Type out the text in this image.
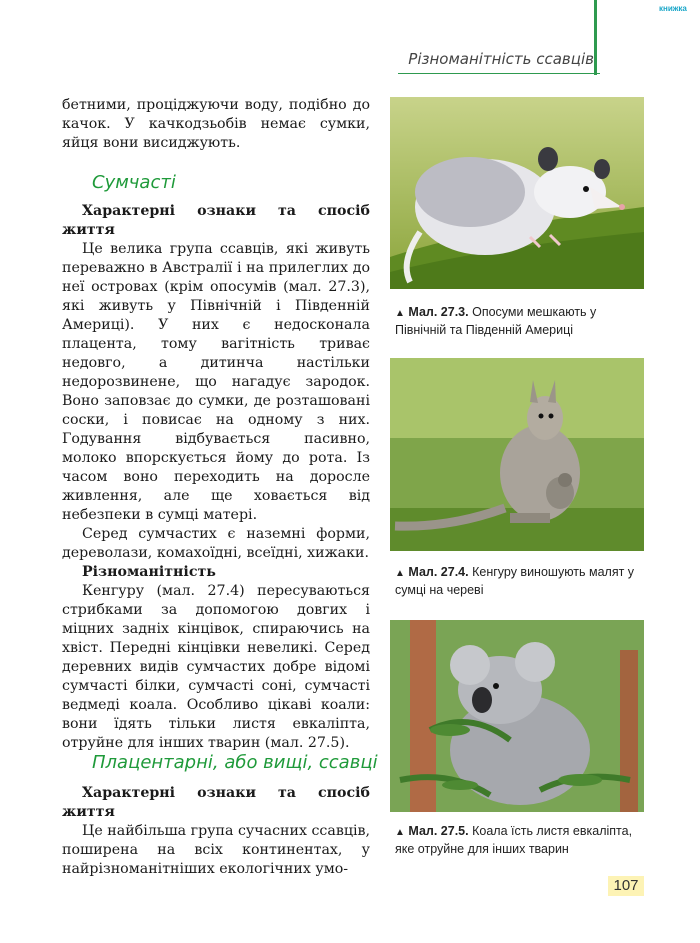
книжка
Різноманітність ссавців

бетними, проціджуючи воду, подібно до качок. У качкодзьобів немає сумки, яйця вони висиджують.

Сумчасті

Характерні ознаки та спосіб життя

Це велика група ссавців, які живуть переважно в Австралії і на прилеглих до неї островах (крім опосумів (мал. 27.3), які живуть у Північній і Південній Америці). У них є недосконала плацента, тому вагітність триває недовго, а дитинча настільки недорозвинене, що нагадує зародок. Воно заповзає до сумки, де розташовані соски, і повисає на одному з них. Годування відбувається пасивно, молоко впорскується йому до рота. Із часом воно переходить на доросле живлення, але ще ховається від небезпеки в сумці матері.

Серед сумчастих є наземні форми, дереволази, комахоїдні, всеїдні, хижаки.

Різноманітність

Кенгуру (мал. 27.4) пересуваються стрибками за допомогою довгих і міцних задніх кінцівок, спираючись на хвіст. Передні кінцівки невеликі. Серед деревних видів сумчастих добре відомі сумчасті білки, сумчасті соні, сумчасті ведмеді коала. Особливо цікаві коали: вони їдять тільки листя евкаліпта, отруйне для інших тварин (мал. 27.5).

Плацентарні, або вищі, ссавці

Характерні ознаки та спосіб життя

Це найбільша група сучасних ссавців, поширена на всіх континентах, у найрізноманітніших екологічних умо-

▲ Мал. 27.3. Опосуми мешкають у Північній та Південній Америці
▲ Мал. 27.4. Кенгуру виношують малят у сумці на череві
▲ Мал. 27.5. Коала їсть листя евкаліпта, яке отруйне для інших тварин
107
